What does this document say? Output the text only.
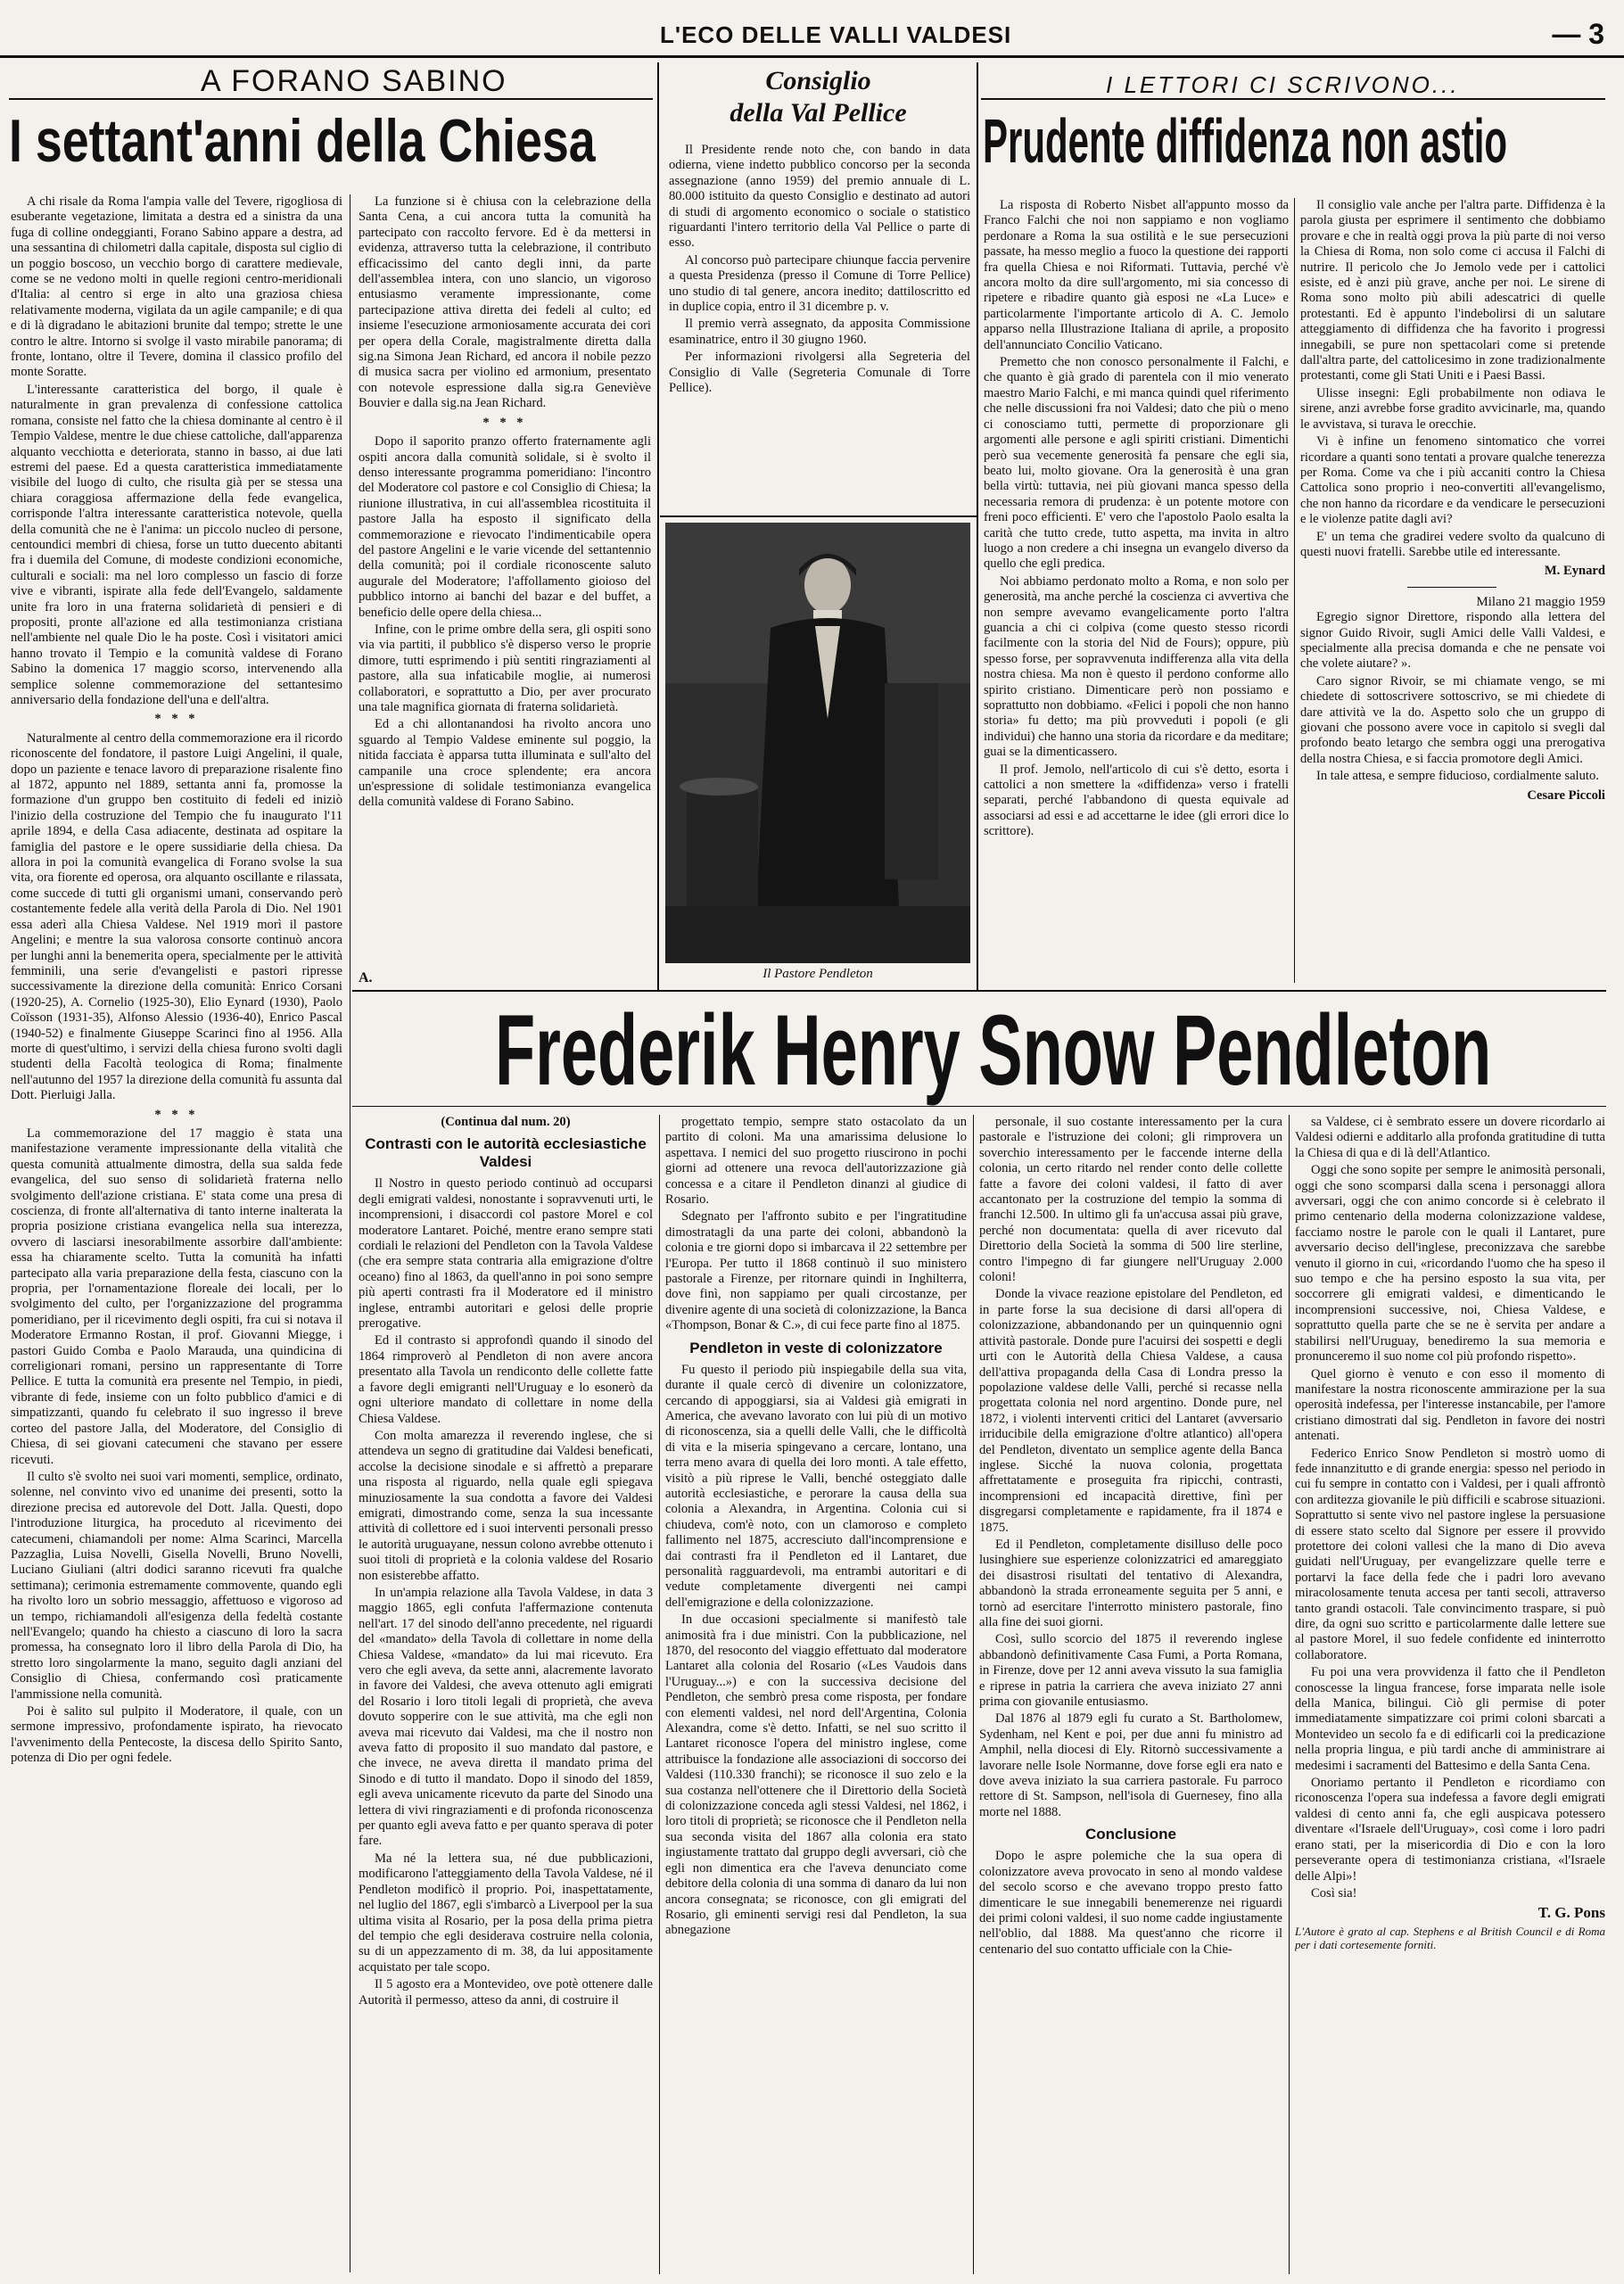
L'ECO DELLE VALLI VALDESI	— 3
A FORANO SABINO
I settant'anni della Chiesa

A chi risale da Roma l'ampia valle del Tevere, rigogliosa di esuberante vegetazione, limitata a destra ed a sinistra da una fuga di colline ondeggianti, Forano Sabino appare a destra, ad una sessantina di chilometri dalla capitale, disposta sul ciglio di un poggio boscoso, un vecchio borgo di carattere medievale, come se ne vedono molti in quelle regioni centro-meridionali d'Italia: al centro si erge in alto una graziosa chiesa relativamente moderna, vigilata da un agile campanile; e di qua e di là digradano le abitazioni brunite dal tempo; strette le une contro le altre. Intorno si svolge il vasto mirabile panorama; di fronte, lontano, oltre il Tevere, domina il classico profilo del monte Soratte.

L'interessante caratteristica del borgo, il quale è naturalmente in gran prevalenza di confessione cattolica romana, consiste nel fatto che la chiesa dominante al centro è il Tempio Valdese, mentre le due chiese cattoliche, dall'apparenza alquanto vecchiotta e deteriorata, stanno in basso, ai due lati estremi del paese. Ed a questa caratteristica immediatamente visibile del luogo di culto, che risulta già per se stessa una chiara coraggiosa affermazione della fede evangelica, corrisponde l'altra interessante caratteristica notevole, quella della comunità che ne è l'anima: un piccolo nucleo di persone, centoundici membri di chiesa, forse un tutto duecento abitanti fra i duemila del Comune, di modeste condizioni economiche, culturali e sociali: ma nel loro complesso un fascio di forze vive e vibranti, ispirate alla fede dell'Evangelo, saldamente unite fra loro in una fraterna solidarietà di pensieri e di propositi, pronte all'azione ed alla testimonianza cristiana nell'ambiente nel quale Dio le ha poste. Così i visitatori amici hanno trovato il Tempio e la comunità valdese di Forano Sabino la domenica 17 maggio scorso, intervenendo alla semplice solenne commemorazione del settantesimo anniversario della fondazione dell'una e dell'altra.

* * *

Naturalmente al centro della commemorazione era il ricordo riconoscente del fondatore, il pastore Luigi Angelini, il quale, dopo un paziente e tenace lavoro di preparazione risalente fino al 1872, appunto nel 1889, settanta anni fa, promosse la formazione d'un gruppo ben costituito di fedeli ed iniziò l'inizio della costruzione del Tempio che fu inaugurato l'11 aprile 1894, e della Casa adiacente, destinata ad ospitare la famiglia del pastore e le opere sussidiarie della chiesa. Da allora in poi la comunità evangelica di Forano svolse la sua vita, ora fiorente ed operosa, ora alquanto oscillante e rilassata, come succede di tutti gli organismi umani, conservando però costantemente fedele alla verità della Parola di Dio. Nel 1901 essa aderì alla Chiesa Valdese. Nel 1919 morì il pastore Angelini; e mentre la sua valorosa consorte continuò ancora per lunghi anni la benemerita opera, specialmente per le attività femminili, una serie d'evangelisti e pastori ripresse successivamente la direzione della comunità: Enrico Corsani (1920-25), A. Cornelio (1925-30), Elio Eynard (1930), Paolo Coïsson (1931-35), Alfonso Alessio (1936-40), Enrico Pascal (1940-52) e finalmente Giuseppe Scarinci fino al 1956. Alla morte di quest'ultimo, i servizi della chiesa furono svolti dagli studenti della Facoltà teologica di Roma; finalmente nell'autunno del 1957 la direzione della comunità fu assunta dal Dott. Pierluigi Jalla.

* * *

La commemorazione del 17 maggio è stata una manifestazione veramente impressionante della vitalità che questa comunità attualmente dimostra, della sua salda fede evangelica, del suo senso di solidarietà fraterna nello svolgimento dell'azione cristiana. E' stata come una presa di coscienza, di fronte all'alternativa di tanto interne inalterata la propria posizione cristiana evangelica nella sua interezza, ovvero di lasciarsi inesorabilmente assorbire dall'ambiente: essa ha chiaramente scelto. Tutta la comunità ha infatti partecipato alla varia preparazione della festa, ciascuno con la propria, per l'ornamentazione floreale dei locali, per lo svolgimento del culto, per l'organizzazione del programma pomeridiano, per il ricevimento degli ospiti, fra cui si notava il Moderatore Ermanno Rostan, il prof. Giovanni Miegge, i pastori Guido Comba e Paolo Marauda, una quindicina di correligionari romani, persino un rappresentante di Torre Pellice. E tutta la comunità era presente nel Tempio, in piedi, vibrante di fede, insieme con un folto pubblico d'amici e di simpatizzanti, quando fu celebrato il suo ingresso il breve corteo del pastore Jalla, del Moderatore, del Consiglio di Chiesa, di sei giovani catecumeni che stavano per essere ricevuti.

Il culto s'è svolto nei suoi vari momenti, semplice, ordinato, solenne, nel convinto vivo ed unanime dei presenti, sotto la direzione precisa ed autorevole del Dott. Jalla. Questi, dopo l'introduzione liturgica, ha proceduto al ricevimento dei catecumeni, chiamandoli per nome: Alma Scarinci, Marcella Pazzaglia, Luisa Novelli, Gisella Novelli, Bruno Novelli, Luciano Giuliani (altri dodici saranno ricevuti fra qualche settimana); cerimonia estremamente commovente, quando egli ha rivolto loro un sobrio messaggio, affettuoso e vigoroso ad un tempo, richiamandoli all'esigenza della fedeltà costante nell'Evangelo; quando ha chiesto a ciascuno di loro la sacra promessa, ha consegnato loro il libro della Parola di Dio, ha stretto loro singolarmente la mano, seguito dagli anziani del Consiglio di Chiesa, confermando così praticamente l'ammissione nella comunità.

Poi è salito sul pulpito il Moderatore, il quale, con un sermone impressivo, profondamente ispirato, ha rievocato l'avvenimento della Pentecoste, la discesa dello Spirito Santo, potenza di Dio per ogni fedele.

La funzione si è chiusa con la celebrazione della Santa Cena, a cui ancora tutta la comunità ha partecipato con raccolto fervore. Ed è da mettersi in evidenza, attraverso tutta la celebrazione, il contributo efficacissimo del canto degli inni, da parte dell'assemblea intera, con uno slancio, un vigoroso entusiasmo veramente impressionante, come partecipazione attiva diretta dei fedeli al culto; ed insieme l'esecuzione armoniosamente accurata dei cori per opera della Corale, magistralmente diretta dalla sig.na Simona Jean Richard, ed ancora il nobile pezzo di musica sacra per violino ed armonium, presentato con notevole espressione dalla sig.ra Geneviève Bouvier e dalla sig.na Jean Richard.

* * *

Dopo il saporito pranzo offerto fraternamente agli ospiti ancora dalla comunità solidale, si è svolto il denso interessante programma pomeridiano: l'incontro del Moderatore col pastore e col Consiglio di Chiesa; la riunione illustrativa, in cui all'assemblea ricostituita il pastore Jalla ha esposto il significato della commemorazione e rievocato l'indimenticabile opera del pastore Angelini e le varie vicende del settantennio della comunità; poi il cordiale riconoscente saluto augurale del Moderatore; l'affollamento gioioso del pubblico intorno ai banchi del bazar e del buffet, a beneficio delle opere della chiesa...

Infine, con le prime ombre della sera, gli ospiti sono via via partiti, il pubblico s'è disperso verso le proprie dimore, tutti esprimendo i più sentiti ringraziamenti al pastore, alla sua infaticabile moglie, ai numerosi collaboratori, e soprattutto a Dio, per aver procurato una tale magnifica giornata di fraterna solidarietà.

Ed a chi allontanandosi ha rivolto ancora uno sguardo al Tempio Valdese eminente sul poggio, la nitida facciata è apparsa tutta illuminata e sull'alto del campanile una croce splendente; era ancora un'espressione di solidale testimonianza evangelica della comunità valdese di Forano Sabino.

A.
Consiglio
della Val Pellice

Il Presidente rende noto che, con bando in data odierna, viene indetto pubblico concorso per la seconda assegnazione (anno 1959) del premio annuale di L. 80.000 istituito da questo Consiglio e destinato ad autori di studi di argomento economico o sociale o statistico riguardanti l'intero territorio della Val Pellice o parte di esso.

Al concorso può partecipare chiunque faccia pervenire a questa Presidenza (presso il Comune di Torre Pellice) uno studio di tal genere, ancora inedito; dattiloscritto ed in duplice copia, entro il 31 dicembre p. v.

Il premio verrà assegnato, da apposita Commissione esaminatrice, entro il 30 giugno 1960.

Per informazioni rivolgersi alla Segreteria del Consiglio di Valle (Segreteria Comunale di Torre Pellice).

Il Pastore Pendleton
I LETTORI CI SCRIVONO...
Prudente diffidenza non astio

La risposta di Roberto Nisbet all'appunto mosso da Franco Falchi che noi non sappiamo e non vogliamo perdonare a Roma la sua ostilità e le sue persecuzioni passate, ha messo meglio a fuoco la questione dei rapporti fra quella Chiesa e noi Riformati. Tuttavia, perché v'è ancora molto da dire sull'argomento, mi sia concesso di ripetere e ribadire quanto già esposi ne «La Luce» e particolarmente l'importante articolo di A. C. Jemolo apparso nella Illustrazione Italiana di aprile, a proposito dell'annunciato Concilio Vaticano.

Premetto che non conosco personalmente il Falchi, e che quanto è già grado di parentela con il mio venerato maestro Mario Falchi, e mi manca quindi quel riferimento che nelle discussioni fra noi Valdesi; dato che più o meno ci conosciamo tutti, permette di proporzionare gli argomenti alle persone e agli spiriti cristiani. Dimentichi però sua vecemente generosità fa pensare che egli sia, beato lui, molto giovane. Ora la generosità è una gran bella virtù: tuttavia, nei più giovani manca spesso della necessaria remora di prudenza: è un potente motore con freni poco efficienti. E' vero che l'apostolo Paolo esalta la carità che tutto crede, tutto aspetta, ma invita in altro luogo a non credere a chi insegna un evangelo diverso da quello che egli predica.

Noi abbiamo perdonato molto a Roma, e non solo per generosità, ma anche perché la coscienza ci avvertiva che non sempre avevamo evangelicamente porto l'altra guancia a chi ci colpiva (come questo stesso ricordi facilmente con la storia del Nid de Fours); oppure, più spesso forse, per sopravvenuta indifferenza alla vita della nostra chiesa. Ma non è questo il perdono conforme allo spirito cristiano. Dimenticare però non possiamo e soprattutto non dobbiamo. «Felici i popoli che non hanno storia» fu detto; ma più provveduti i popoli (e gli individui) che hanno una storia da ricordare e da meditare; guai se la dimenticassero.

Il prof. Jemolo, nell'articolo di cui s'è detto, esorta i cattolici a non smettere la «diffidenza» verso i fratelli separati, perché l'abbandono di questa equivale ad associarsi ad essi e ad accettarne le idee (gli errori dice lo scrittore).

Il consiglio vale anche per l'altra parte. Diffidenza è la parola giusta per esprimere il sentimento che dobbiamo provare e che in realtà oggi prova la più parte di noi verso la Chiesa di Roma, non solo come ci accusa il Falchi di nutrire. Il pericolo che Jo Jemolo vede per i cattolici esiste, ed è anzi più grave, anche per noi. Le sirene di Roma sono molto più abili adescatrici di quelle protestanti. Ed è appunto l'indebolirsi di un salutare atteggiamento di diffidenza che ha favorito i progressi innegabili, se pure non spettacolari come si pretende dall'altra parte, del cattolicesimo in zone tradizionalmente protestanti, come gli Stati Uniti e i Paesi Bassi.

Ulisse insegni: Egli probabilmente non odiava le sirene, anzi avrebbe forse gradito avvicinarle, ma, quando le avvistava, si turava le orecchie.

Vi è infine un fenomeno sintomatico che vorrei ricordare a quanti sono tentati a provare qualche tenerezza per Roma. Come va che i più accaniti contro la Chiesa Cattolica sono proprio i neo-convertiti all'evangelismo, che non hanno da ricordare e da vendicare le persecuzioni e le violenze patite dagli avi?

E' un tema che gradirei vedere svolto da qualcuno di questi nuovi fratelli. Sarebbe utile ed interessante.

M. Eynard
Milano 21 maggio 1959

Egregio signor Direttore, rispondo alla lettera del signor Guido Rivoir, sugli Amici delle Valli Valdesi, e specialmente alla precisa domanda e che ne pensate voi che volete aiutare? ».

Caro signor Rivoir, se mi chiamate vengo, se mi chiedete di sottoscrivere sottoscrivo, se mi chiedete di dare attività ve la do. Aspetto solo che un gruppo di giovani che possono avere voce in capitolo si svegli dal profondo beato letargo che sembra oggi una prerogativa della nostra Chiesa, e si faccia promotore degli Amici.

In tale attesa, e sempre fiducioso, cordialmente saluto.

Cesare Piccoli
Frederik Henry Snow Pendleton
(Continua dal num. 20)
Contrasti con le autorità ecclesiastiche Valdesi

Il Nostro in questo periodo continuò ad occuparsi degli emigrati valdesi, nonostante i sopravvenuti urti, le incomprensioni, i disaccordi col pastore Morel e col moderatore Lantaret. Poiché, mentre erano sempre stati cordiali le relazioni del Pendleton con la Tavola Valdese (che era sempre stata contraria alla emigrazione d'oltre oceano) fino al 1863, da quell'anno in poi sono sempre più aperti contrasti fra il Moderatore ed il ministro inglese, entrambi autoritari e gelosi delle proprie prerogative.

Ed il contrasto si approfondì quando il sinodo del 1864 rimproverò al Pendleton di non avere ancora presentato alla Tavola un rendiconto delle collette fatte a favore degli emigranti nell'Uruguay e lo esonerò da ogni ulteriore mandato di collettare in nome della Chiesa Valdese.

Con molta amarezza il reverendo inglese, che si attendeva un segno di gratitudine dai Valdesi beneficati, accolse la decisione sinodale e si affrettò a preparare una risposta al riguardo, nella quale egli spiegava minuziosamente la sua condotta a favore dei Valdesi emigrati, dimostrando come, senza la sua incessante attività di collettore ed i suoi interventi personali presso le autorità uruguayane, nessun colono avrebbe ottenuto i suoi titoli di proprietà e la colonia valdese del Rosario non esisterebbe affatto.

In un'ampia relazione alla Tavola Valdese, in data 3 maggio 1865, egli confuta l'affermazione contenuta nell'art. 17 del sinodo dell'anno precedente, nel riguardi del «mandato» della Tavola di collettare in nome della Chiesa Valdese, «mandato» da lui mai ricevuto. Era vero che egli aveva, da sette anni, alacremente lavorato in favore dei Valdesi, che aveva ottenuto agli emigrati del Rosario i loro titoli legali di proprietà, che aveva dovuto sopperire con le sue attività, ma che egli non aveva mai ricevuto dai Valdesi, ma che il nostro non aveva fatto di proposito il suo mandato dal pastore, e che invece, ne aveva diretta il mandato prima del Sinodo e di tutto il mandato. Dopo il sinodo del 1859, egli aveva unicamente ricevuto da parte del Sinodo una lettera di vivi ringraziamenti e di profonda riconoscenza per quanto egli aveva fatto e per quanto sperava di poter fare.

Ma né la lettera sua, né due pubblicazioni, modificarono l'atteggiamento della Tavola Valdese, né il Pendleton modificò il proprio. Poi, inaspettatamente, nel luglio del 1867, egli s'imbarcò a Liverpool per la sua ultima visita al Rosario, per la posa della prima pietra del tempio che egli desiderava costruire nella colonia, su di un appezzamento di m. 38, da lui appositamente acquistato per tale scopo.

Il 5 agosto era a Montevideo, ove potè ottenere dalle Autorità il permesso, atteso da anni, di costruire il

progettato tempio, sempre stato ostacolato da un partito di coloni. Ma una amarissima delusione lo aspettava. I nemici del suo progetto riuscirono in pochi giorni ad ottenere una revoca dell'autorizzazione già concessa e a citare il Pendleton dinanzi al giudice di Rosario.

Sdegnato per l'affronto subito e per l'ingratitudine dimostratagli da una parte dei coloni, abbandonò la colonia e tre giorni dopo si imbarcava il 22 settembre per l'Europa. Per tutto il 1868 continuò il suo ministero pastorale a Firenze, per ritornare quindi in Inghilterra, dove finì, non sappiamo per quali circostanze, per divenire agente di una società di colonizzazione, la Banca «Thompson, Bonar & C.», di cui fece parte fino al 1875.

Pendleton in veste di colonizzatore

Fu questo il periodo più inspiegabile della sua vita, durante il quale cercò di divenire un colonizzatore, cercando di appoggiarsi, sia ai Valdesi già emigrati in America, che avevano lavorato con lui più di un motivo di riconoscenza, sia a quelli delle Valli, che le difficoltà di vita e la miseria spingevano a cercare, lontano, una terra meno avara di quella dei loro monti. A tale effetto, visitò a più riprese le Valli, benché osteggiato dalle autorità ecclesiastiche, e perorare la causa della sua colonia a Alexandra, in Argentina. Colonia cui si chiudeva, com'è noto, con un clamoroso e completo fallimento nel 1875, accresciuto dall'incomprensione e dai contrasti fra il Pendleton ed il Lantaret, due personalità ragguardevoli, ma entrambi autoritari e di vedute completamente divergenti nei campi dell'emigrazione e della colonizzazione.

In due occasioni specialmente si manifestò tale animosità fra i due ministri. Con la pubblicazione, nel 1870, del resoconto del viaggio effettuato dal moderatore Lantaret alla colonia del Rosario («Les Vaudois dans l'Uruguay...») e con la successiva decisione del Pendleton, che sembrò presa come risposta, per fondare con elementi valdesi, nel nord dell'Argentina, Colonia Alexandra, come s'è detto. Infatti, se nel suo scritto il Lantaret riconosce l'opera del ministro inglese, come attribuisce la fondazione alle associazioni di soccorso dei Valdesi (110.330 franchi); se riconosce il suo zelo e la sua costanza nell'ottenere che il Direttorio della Società di colonizzazione conceda agli stessi Valdesi, nel 1862, i loro titoli di proprietà; se riconosce che il Pendleton nella sua seconda visita del 1867 alla colonia era stato ingiustamente trattato dal gruppo degli avversari, ciò che egli non dimentica era che l'aveva denunciato come debitore della colonia di una somma di danaro da lui non ancora consegnata; se riconosce, con gli emigrati del Rosario, gli eminenti servigi resi dal Pendleton, la sua abnegazione

personale, il suo costante interessamento per la cura pastorale e l'istruzione dei coloni; gli rimprovera un soverchio interessamento per le faccende interne della colonia, un certo ritardo nel render conto delle collette fatte a favore dei coloni valdesi, il fatto di aver accantonato per la costruzione del tempio la somma di franchi 12.500. In ultimo gli fa un'accusa assai più grave, perché non documentata: quella di aver ricevuto dal Direttorio della Società la somma di 500 lire sterline, contro l'impegno di far giungere nell'Uruguay 2.000 coloni!

Donde la vivace reazione epistolare del Pendleton, ed in parte forse la sua decisione di darsi all'opera di colonizzazione, abbandonando per un quinquennio ogni attività pastorale. Donde pure l'acuirsi dei sospetti e degli urti con le Autorità della Chiesa Valdese, a causa dell'attiva propaganda della Casa di Londra presso la popolazione valdese delle Valli, perché si recasse nella progettata colonia nel nord argentino. Donde pure, nel 1872, i violenti interventi critici del Lantaret (avversario irriducibile della emigrazione d'oltre atlantico) all'opera del Pendleton, diventato un semplice agente della Banca inglese. Sicché la nuova colonia, progettata affrettatamente e proseguita fra ripicchi, contrasti, incomprensioni ed incapacità direttive, finì per disgregarsi completamente e rapidamente, fra il 1874 e 1875.

Ed il Pendleton, completamente disilluso delle poco lusinghiere sue esperienze colonizzatrici ed amareggiato dei disastrosi risultati del tentativo di Alexandra, abbandonò la strada erroneamente seguita per 5 anni, e tornò ad esercitare l'interrotto ministero pastorale, fino alla fine dei suoi giorni.

Così, sullo scorcio del 1875 il reverendo inglese abbandonò definitivamente Casa Fumi, a Porta Romana, in Firenze, dove per 12 anni aveva vissuto la sua famiglia e riprese in patria la carriera che aveva iniziato 27 anni prima con giovanile entusiasmo.

Dal 1876 al 1879 egli fu curato a St. Bartholomew, Sydenham, nel Kent e poi, per due anni fu ministro ad Amphil, nella diocesi di Ely. Ritornò successivamente a lavorare nelle Isole Normanne, dove forse egli era nato e dove aveva iniziato la sua carriera pastorale. Fu parroco rettore di St. Sampson, nell'isola di Guernesey, fino alla morte nel 1888.

Conclusione

Dopo le aspre polemiche che la sua opera di colonizzatore aveva provocato in seno al mondo valdese del secolo scorso e che avevano troppo presto fatto dimenticare le sue innegabili benemerenze nei riguardi dei primi coloni valdesi, il suo nome cadde ingiustamente nell'oblio, dal 1888. Ma quest'anno che ricorre il centenario del suo contatto ufficiale con la Chie-

sa Valdese, ci è sembrato essere un dovere ricordarlo ai Valdesi odierni e additarlo alla profonda gratitudine di tutta la Chiesa di qua e di là dell'Atlantico.

Oggi che sono sopite per sempre le animosità personali, oggi che sono scomparsi dalla scena i personaggi allora avversari, oggi che con animo concorde si è celebrato il primo centenario della moderna colonizzazione valdese, facciamo nostre le parole con le quali il Lantaret, pure avversario deciso dell'inglese, preconizzava che sarebbe venuto il giorno in cui, «ricordando l'uomo che ha speso il suo tempo e che ha persino esposto la sua vita, per soccorrere gli emigrati valdesi, e dimenticando le incomprensioni successive, noi, Chiesa Valdese, e soprattutto quella parte che se ne è servita per andare a stabilirsi nell'Uruguay, benediremo la sua memoria e pronunceremo il suo nome col più profondo rispetto».

Quel giorno è venuto e con esso il momento di manifestare la nostra riconoscente ammirazione per la sua operosità indefessa, per l'interesse instancabile, per l'amore cristiano dimostrati dal sig. Pendleton in favore dei nostri antenati.

Federico Enrico Snow Pendleton si mostrò uomo di fede innanzitutto e di grande energia: spesso nel periodo in cui fu sempre in contatto con i Valdesi, per i quali affrontò con arditezza giovanile le più difficili e scabrose situazioni. Soprattutto si sente vivo nel pastore inglese la persuasione di essere stato scelto dal Signore per essere il provvido protettore dei coloni vallesi che la mano di Dio aveva guidati nell'Uruguay, per evangelizzare quelle terre e portarvi la face della fede che i padri loro avevano miracolosamente tenuta accesa per tanti secoli, attraverso tanto grandi ostacoli. Tale convincimento traspare, si può dire, da ogni suo scritto e particolarmente dalle lettere sue al pastore Morel, il suo fedele confidente ed ininterrotto collaboratore.

Fu poi una vera provvidenza il fatto che il Pendleton conoscesse la lingua francese, forse imparata nelle isole della Manica, bilingui. Ciò gli permise di poter immediatamente simpatizzare coi primi coloni sbarcati a Montevideo un secolo fa e di edificarli coi la predicazione nella propria lingua, e più tardi anche di amministrare ai medesimi i sacramenti del Battesimo e della Santa Cena.

Onoriamo pertanto il Pendleton e ricordiamo con riconoscenza l'opera sua indefessa a favore degli emigrati valdesi di cento anni fa, che egli auspicava potessero diventare «l'Israele dell'Uruguay», così come i loro padri erano stati, per la misericordia di Dio e con la loro perseverante opera di testimonianza cristiana, «l'Israele delle Alpi»!

Così sia!

T. G. Pons
L'Autore è grato al cap. Stephens e al British Council e di Roma per i dati cortesemente forniti.
